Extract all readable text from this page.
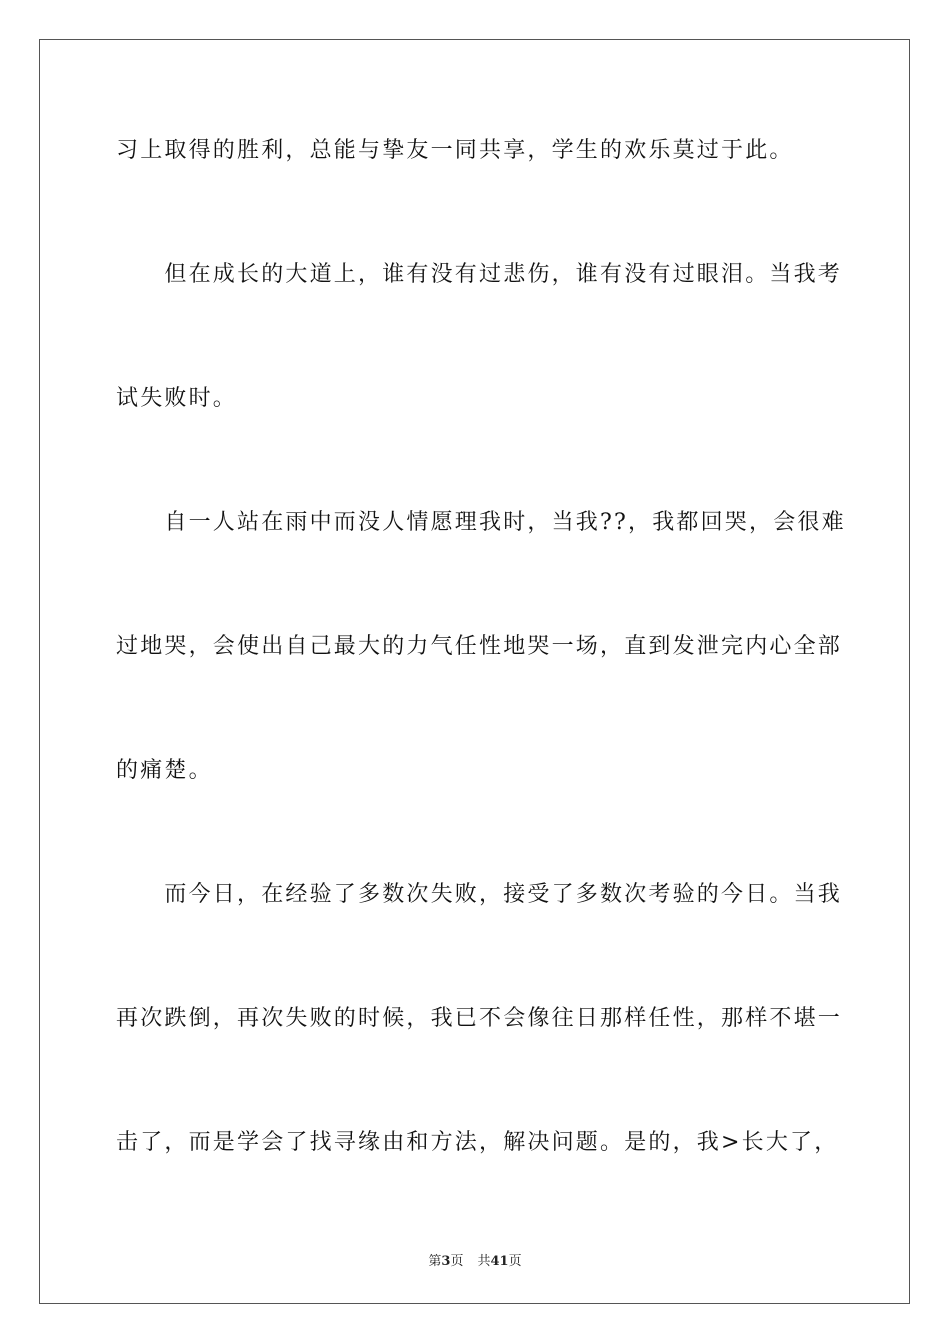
习上取得的胜利，总能与挚友一同共享，学生的欢乐莫过于此。
　　但在成长的大道上，谁有没有过悲伤，谁有没有过眼泪。当我考
试失败时。
　　自一人站在雨中而没人情愿理我时，当我??，我都回哭，会很难
过地哭，会使出自己最大的力气任性地哭一场，直到发泄完内心全部
的痛楚。
　　而今日，在经验了多数次失败，接受了多数次考验的今日。当我
再次跌倒，再次失败的时候，我已不会像往日那样任性，那样不堪一
击了，而是学会了找寻缘由和方法，解决问题。是的，我>长大了，
第3页 共41页
